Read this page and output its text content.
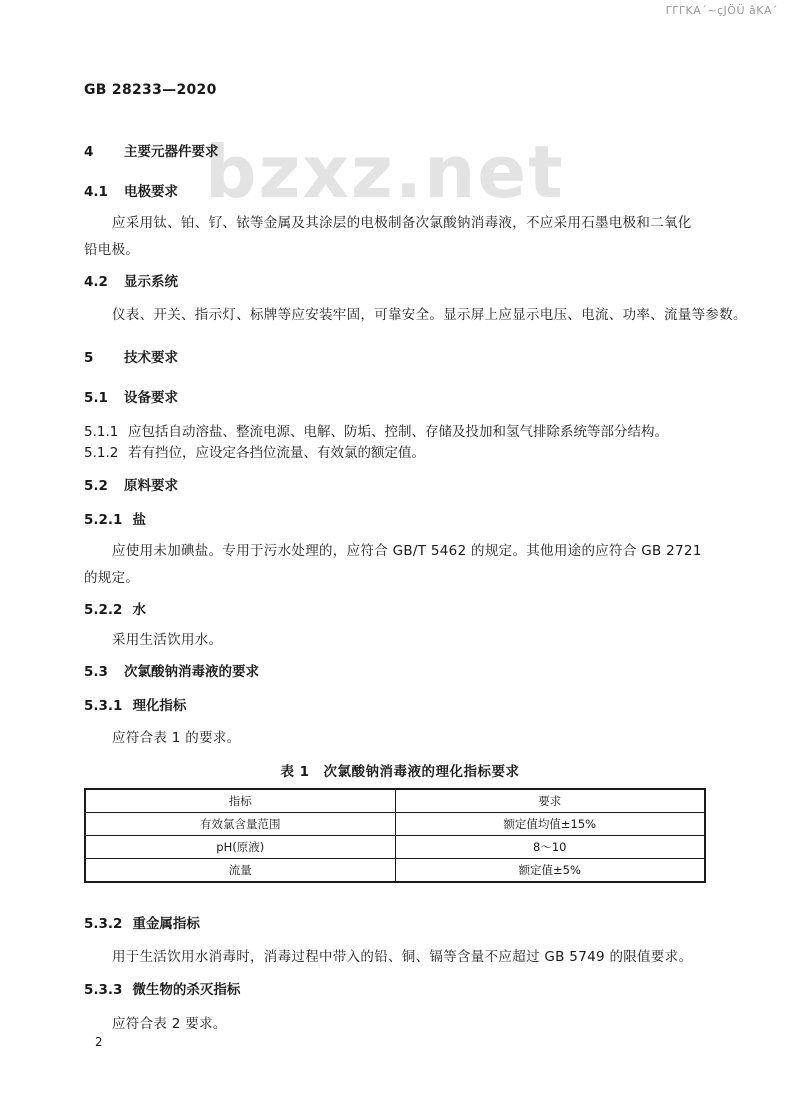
ΓΓΓΚΑ΄~çJÖÜ âKΑ΄
GB 28233—2020
bzxz.net
4 主要元器件要求
4.1 电极要求
应采用钛、铂、钌、铱等金属及其涂层的电极制备次氯酸钠消毒液，不应采用石墨电极和二氧化铅电极。
4.2 显示系统
仪表、开关、指示灯、标牌等应安装牢固，可靠安全。显示屏上应显示电压、电流、功率、流量等参数。
5 技术要求
5.1 设备要求
5.1.1 应包括自动溶盐、整流电源、电解、防垢、控制、存储及投加和氢气排除系统等部分结构。
5.1.2 若有挡位，应设定各挡位流量、有效氯的额定值。
5.2 原料要求
5.2.1 盐
应使用未加碘盐。专用于污水处理的，应符合 GB/T 5462 的规定。其他用途的应符合 GB 2721 的规定。
5.2.2 水
采用生活饮用水。
5.3 次氯酸钠消毒液的要求
5.3.1 理化指标
应符合表 1 的要求。
表 1 次氯酸钠消毒液的理化指标要求
指标	要求
有效氯含量范围	额定值均值±15%
pH(原液)	8～10
流量	额定值±5%
5.3.2 重金属指标
用于生活饮用水消毒时，消毒过程中带入的铅、铜、镉等含量不应超过 GB 5749 的限值要求。
5.3.3 微生物的杀灭指标
应符合表 2 要求。
2
